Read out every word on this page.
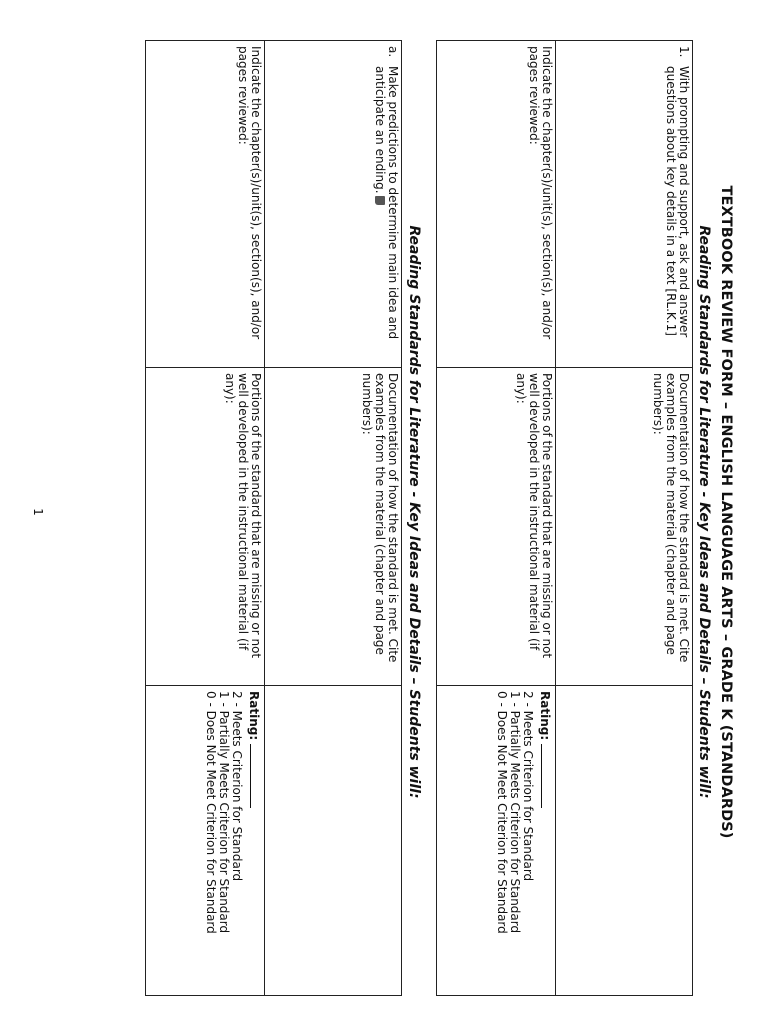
TEXTBOOK REVIEW FORM – ENGLISH LANGUAGE ARTS – GRADE K (STANDARDS)
Reading Standards for Literature - Key Ideas and Details – Students will:
1.
With prompting and support, ask and answer questions about key details in a text [RL.K.1]
Documentation of how the standard is met. Cite examples from the material (chapter and page numbers):
Indicate the chapter(s)/unit(s), section(s), and/or pages reviewed:
Portions of the standard that are missing or not well developed in the instructional material (if any):
Rating:
2 - Meets Criterion for Standard
1 - Partially Meets Criterion for Standard
0 - Does Not Meet Criterion for Standard
Reading Standards for Literature - Key Ideas and Details – Students will:
a.
Make predictions to determine main idea and anticipate an ending.
Documentation of how the standard is met. Cite examples from the material (chapter and page numbers):
Indicate the chapter(s)/unit(s), section(s), and/or pages reviewed:
Portions of the standard that are missing or not well developed in the instructional material (if any):
Rating:
2 - Meets Criterion for Standard
1 - Partially Meets Criterion for Standard
0 - Does Not Meet Criterion for Standard
1
